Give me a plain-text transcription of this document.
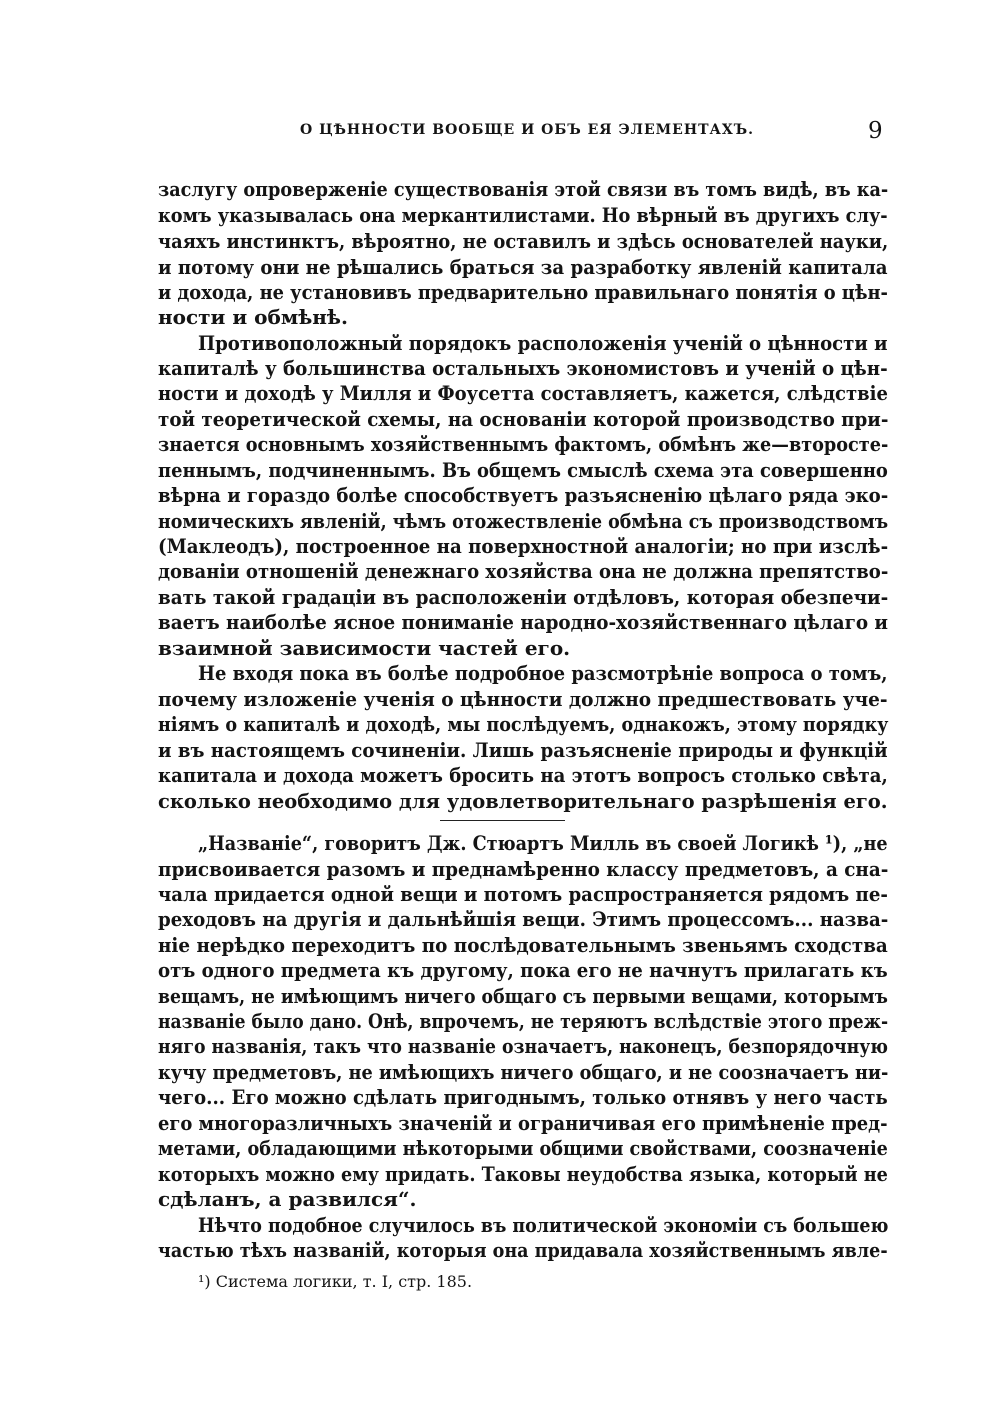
О ЦѢННОСТИ ВООБЩЕ И ОБЪ ЕЯ ЭЛЕМЕНТАХЪ.	9
заслугу опроверженіе существованія этой связи въ томъ видѣ, въ ка-
комъ указывалась она меркантилистами. Но вѣрный въ другихъ слу-
чаяхъ инстинктъ, вѣроятно, не оставилъ и здѣсь основателей науки,
и потому они не рѣшались браться за разработку явленій капитала
и дохода, не установивъ предварительно правильнаго понятія о цѣн-
ности и обмѣнѣ.
Противоположный порядокъ расположенія ученій о цѣнности и
капиталѣ у большинства остальныхъ экономистовъ и ученій о цѣн-
ности и доходѣ у Милля и Фоусетта составляетъ, кажется, слѣдствіе
той теоретической схемы, на основаніи которой производство при-
знается основнымъ хозяйственнымъ фактомъ, обмѣнъ же—второсте-
пеннымъ, подчиненнымъ. Въ общемъ смыслѣ схема эта совершенно
вѣрна и гораздо болѣе способствуетъ разъясненію цѣлаго ряда эко-
номическихъ явленій, чѣмъ отожествленіе обмѣна съ производствомъ
(Маклеодъ), построенное на поверхностной аналогіи; но при изслѣ-
дованіи отношеній денежнаго хозяйства она не должна препятство-
вать такой градаціи въ расположеніи отдѣловъ, которая обезпечи-
ваетъ наиболѣе ясное пониманіе народно-хозяйственнаго цѣлаго и
взаимной зависимости частей его.
Не входя пока въ болѣе подробное разсмотрѣніе вопроса о томъ,
почему изложеніе ученія о цѣнности должно предшествовать уче-
ніямъ о капиталѣ и доходѣ, мы послѣдуемъ, однакожъ, этому порядку
и въ настоящемъ сочиненіи. Лишь разъясненіе природы и функцій
капитала и дохода можетъ бросить на этотъ вопросъ столько свѣта,
сколько необходимо для удовлетворительнаго разрѣшенія его.
„Названіе“, говоритъ Дж. Стюартъ Милль въ своей Логикѣ ¹), „не
присвоивается разомъ и преднамѣренно классу предметовъ, а сна-
чала придается одной вещи и потомъ распространяется рядомъ пе-
реходовъ на другія и дальнѣйшія вещи. Этимъ процессомъ... назва-
ніе нерѣдко переходитъ по послѣдовательнымъ звеньямъ сходства
отъ одного предмета къ другому, пока его не начнутъ прилагать къ
вещамъ, не имѣющимъ ничего общаго съ первыми вещами, которымъ
названіе было дано. Онѣ, впрочемъ, не теряютъ вслѣдствіе этого преж-
няго названія, такъ что названіе означаетъ, наконецъ, безпорядочную
кучу предметовъ, не имѣющихъ ничего общаго, и не соозначаетъ ни-
чего... Его можно сдѣлать пригоднымъ, только отнявъ у него часть
его многоразличныхъ значеній и ограничивая его примѣненіе пред-
метами, обладающими нѣкоторыми общими свойствами, соозначеніе
которыхъ можно ему придать. Таковы неудобства языка, который не
сдѣланъ, а развился“.
Нѣчто подобное случилось въ политической экономіи съ большею
частью тѣхъ названій, которыя она придавала хозяйственнымъ явле-
¹) Система логики, т. I, стр. 185.
